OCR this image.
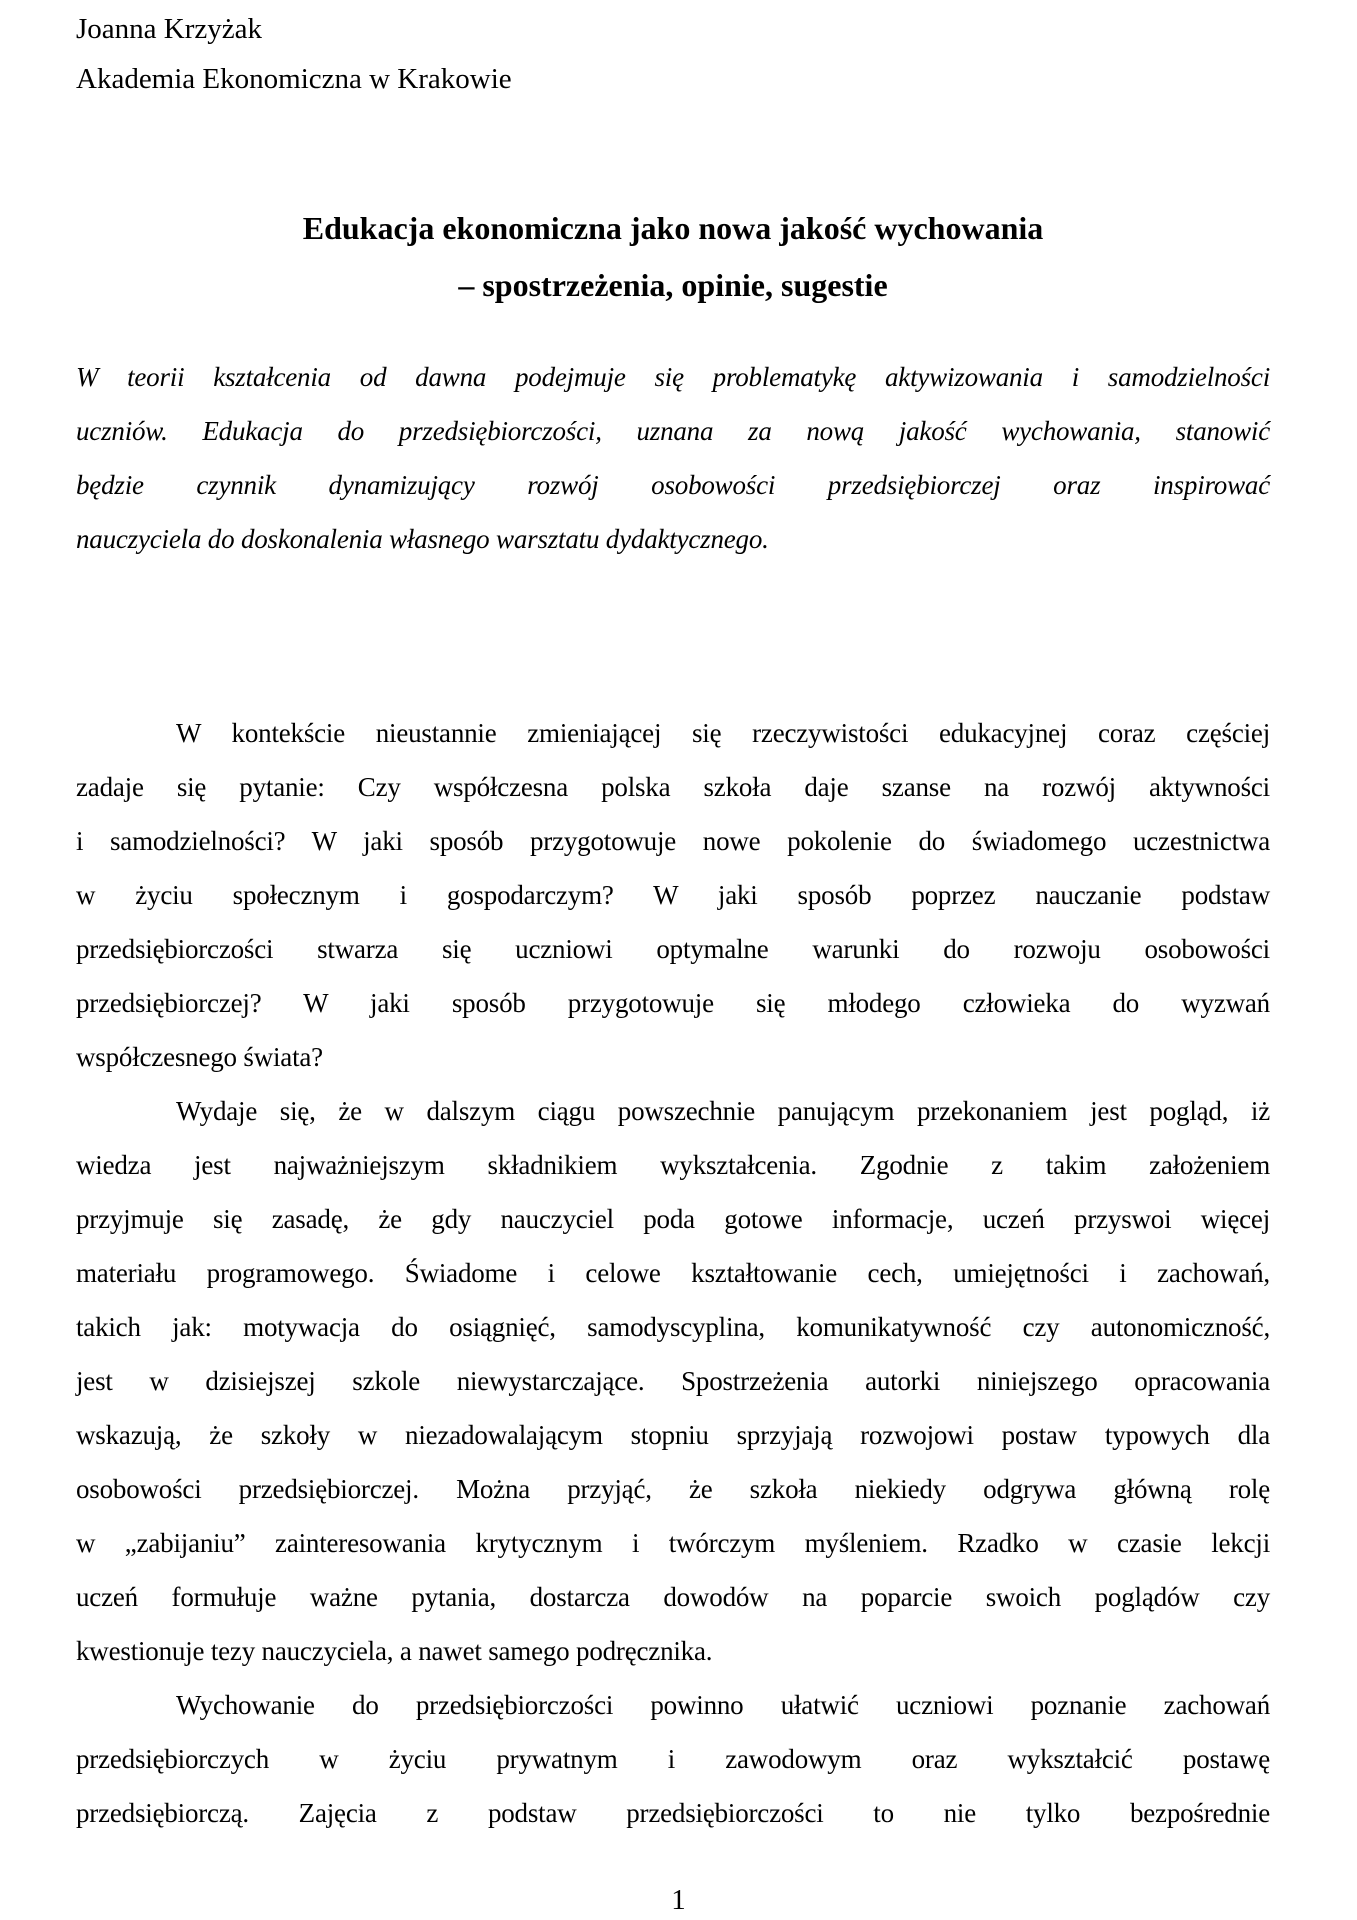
Joanna Krzyżak
Akademia Ekonomiczna w Krakowie
Edukacja ekonomiczna jako nowa jakość wychowania
– spostrzeżenia, opinie, sugestie
W teorii kształcenia od dawna podejmuje się problematykę aktywizowania i samodzielności
uczniów. Edukacja do przedsiębiorczości, uznana za nową jakość wychowania, stanowić
będzie czynnik dynamizujący rozwój osobowości przedsiębiorczej oraz inspirować
nauczyciela do doskonalenia własnego warsztatu dydaktycznego.
W kontekście nieustannie zmieniającej się rzeczywistości edukacyjnej coraz częściej
zadaje się pytanie: Czy współczesna polska szkoła daje szanse na rozwój aktywności
i samodzielności? W jaki sposób przygotowuje nowe pokolenie do świadomego uczestnictwa
w życiu społecznym i gospodarczym? W jaki sposób poprzez nauczanie podstaw
przedsiębiorczości stwarza się uczniowi optymalne warunki do rozwoju osobowości
przedsiębiorczej? W jaki sposób przygotowuje się młodego człowieka do wyzwań
współczesnego świata?
Wydaje się, że w dalszym ciągu powszechnie panującym przekonaniem jest pogląd, iż
wiedza jest najważniejszym składnikiem wykształcenia. Zgodnie z takim założeniem
przyjmuje się zasadę, że gdy nauczyciel poda gotowe informacje, uczeń przyswoi więcej
materiału programowego. Świadome i celowe kształtowanie cech, umiejętności i zachowań,
takich jak: motywacja do osiągnięć, samodyscyplina, komunikatywność czy autonomiczność,
jest w dzisiejszej szkole niewystarczające. Spostrzeżenia autorki niniejszego opracowania
wskazują, że szkoły w niezadowalającym stopniu sprzyjają rozwojowi postaw typowych dla
osobowości przedsiębiorczej. Można przyjąć, że szkoła niekiedy odgrywa główną rolę
w „zabijaniu” zainteresowania krytycznym i twórczym myśleniem. Rzadko w czasie lekcji
uczeń formułuje ważne pytania, dostarcza dowodów na poparcie swoich poglądów czy
kwestionuje tezy nauczyciela, a nawet samego podręcznika.
Wychowanie do przedsiębiorczości powinno ułatwić uczniowi poznanie zachowań
przedsiębiorczych w życiu prywatnym i zawodowym oraz wykształcić postawę
przedsiębiorczą. Zajęcia z podstaw przedsiębiorczości to nie tylko bezpośrednie
1
